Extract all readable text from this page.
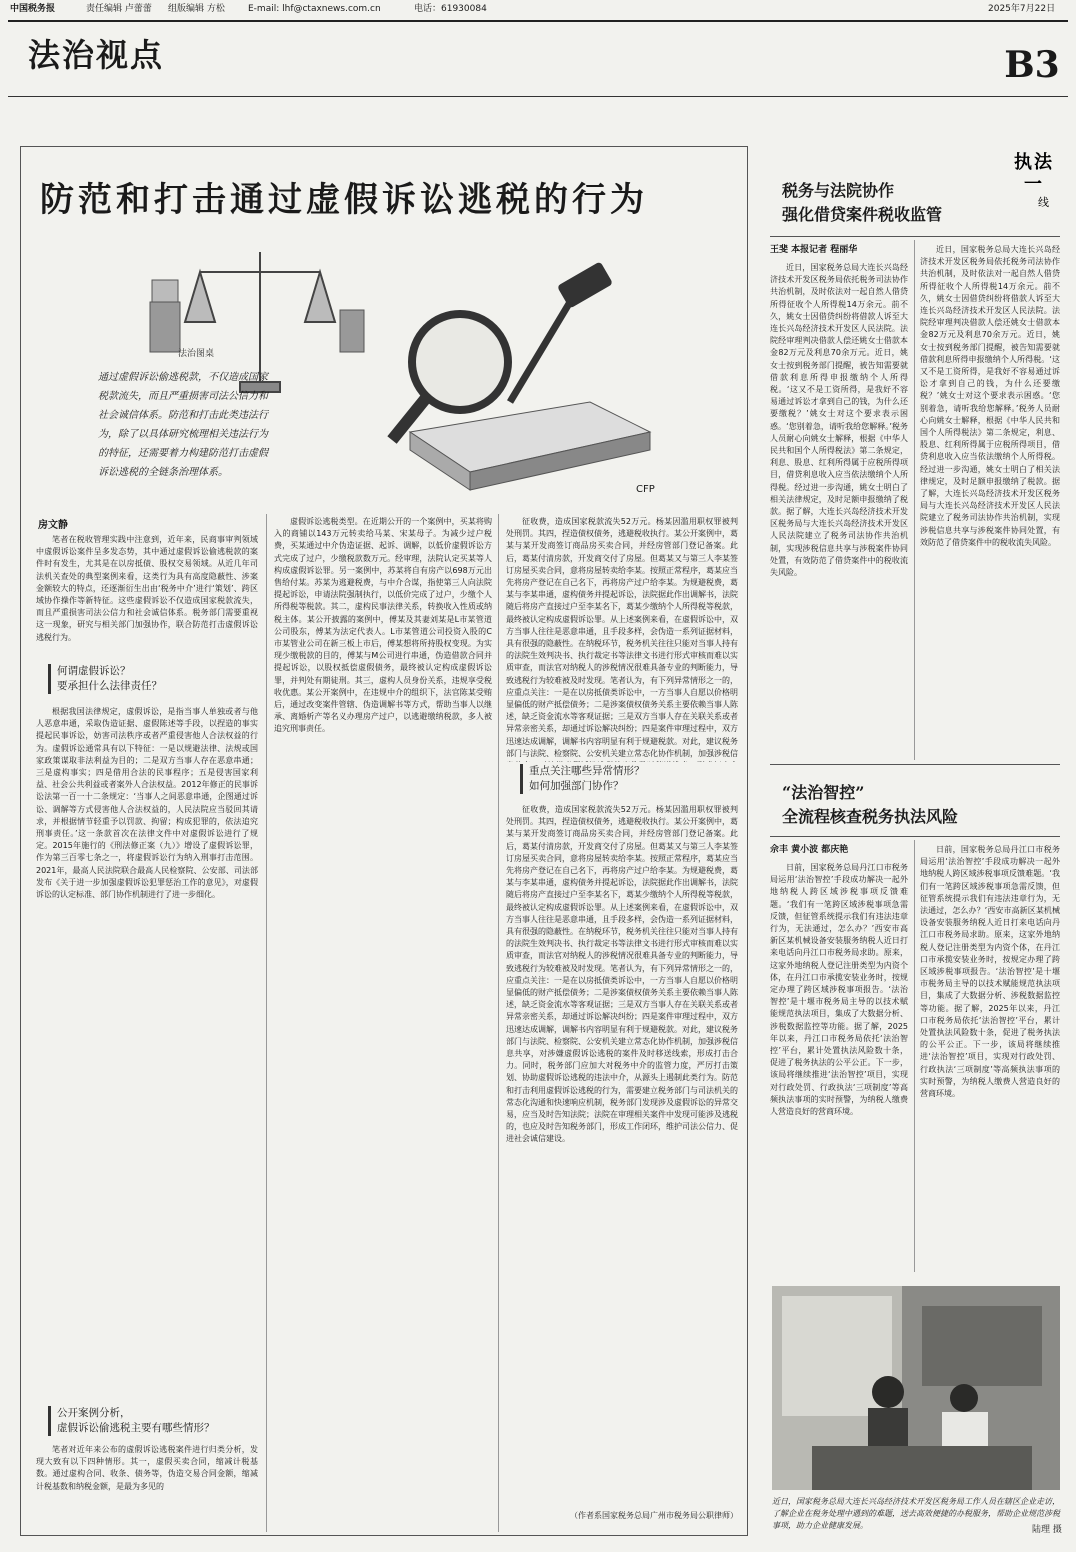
中国税务报	责任编辑 卢蕾蕾 组版编辑 方松	E-mail: lhf@ctaxnews.com.cn	电话：61930084	2025年7月22日
法治视点	B3
防范和打击通过虚假诉讼逃税的行为
法治图桌
通过虚假诉讼偷逃税款，不仅造成国家税款流失，而且严重损害司法公信力和社会诚信体系。防范和打击此类违法行为，除了以具体研究梳理相关违法行为的特征，还需要着力构建防范打击虚假诉讼逃税的全链条治理体系。
CFP
房文静

笔者在税收管理实践中注意到，近年来，民商事审判领域中虚假诉讼案件呈多发态势，其中通过虚假诉讼偷逃税款的案件时有发生，尤其是在以房抵债、股权交易领域。从近几年司法机关查处的典型案例来看，这类行为具有高度隐蔽性、涉案金额较大的特点，还逐渐衍生出由‘税务中介’进行‘策划’、跨区域协作操作等新特征。这些虚假诉讼不仅造成国家税款流失，而且严重损害司法公信力和社会诚信体系。税务部门需要重视这一现象，研究与相关部门加强协作，联合防范打击虚假诉讼逃税行为。

何谓虚假诉讼？
要承担什么法律责任？

根据我国法律规定，虚假诉讼，是指当事人单独或者与他人恶意串通，采取伪造证据、虚假陈述等手段，以捏造的事实提起民事诉讼，妨害司法秩序或者严重侵害他人合法权益的行为。虚假诉讼通常具有以下特征：一是以规避法律、法规或国家政策谋取非法利益为目的；二是双方当事人存在恶意串通；三是虚构事实；四是借用合法的民事程序；五是侵害国家利益、社会公共利益或者案外人合法权益。2012年修正的民事诉讼法第一百一十二条规定：‘当事人之间恶意串通，企图通过诉讼、调解等方式侵害他人合法权益的，人民法院应当驳回其请求，并根据情节轻重予以罚款、拘留；构成犯罪的，依法追究刑事责任。’这一条款首次在法律文件中对虚假诉讼进行了规定。2015年施行的《刑法修正案（九）》增设了虚假诉讼罪，作为第三百零七条之一，将虚假诉讼行为纳入刑事打击范围。2021年，最高人民法院联合最高人民检察院、公安部、司法部发布《关于进一步加强虚假诉讼犯罪惩治工作的意见》，对虚假诉讼的认定标准、部门协作机制进行了进一步细化。

公开案例分析，
虚假诉讼偷逃税主要有哪些情形？

笔者对近年来公布的虚假诉讼逃税案件进行归类分析，发现大致有以下四种情形。其一，虚假买卖合同，缩减计税基数。通过虚构合同、收条、债务等，伪造交易合同金额，缩减计税基数和纳税金额，是最为多见的

虚假诉讼逃税类型。在近期公开的一个案例中，买某将购入的商铺以143万元转卖给马某、宋某母子。为减少过户税费，买某通过中介伪造证据、起诉、调解，以低价虚假诉讼方式完成了过户，少缴税款数万元。经审理，法院认定买某等人构成虚假诉讼罪。另一案例中，苏某将自有房产以698万元出售给付某。苏某为逃避税费，与中介合谋，指使第三人向法院提起诉讼，申请法院强制执行，以低价完成了过户，少缴个人所得税等税款。其二，虚构民事法律关系，转换收入性质或纳税主体。某公开披露的案例中，傅某及其妻刘某是L市某管道公司股东，傅某为法定代表人。L市某管道公司投资入股的C市某管业公司在新三板上市后，傅某想将所持股权变现。为实现少缴税款的目的，傅某与M公司进行串通，伪造借款合同并提起诉讼，以股权抵偿虚假债务，最终被认定构成虚假诉讼罪，并判处有期徒刑。其三，虚构人员身份关系，违规享受税收优惠。某公开案例中，在违规中介的组织下，法官陈某受贿后，通过改变案件管辖、伪造调解书等方式，帮助当事人以继承、离婚析产等名义办理房产过户，以逃避缴纳税款，多人被追究刑事责任。

征收费，造成国家税款流失52万元。杨某因滥用职权罪被判处刑罚。其四，捏造债权债务，逃避税收执行。某公开案例中，葛某与某开发商签订商品房买卖合同，并经房管部门登记备案。此后，葛某付清房款，开发商交付了房屋。但葛某又与第三人李某签订房屋买卖合同，意将房屋转卖给李某。按照正常程序，葛某应当先将房产登记在自己名下，再将房产过户给李某。为规避税费，葛某与李某串通，虚构债务并提起诉讼，法院据此作出调解书，法院随后将房产直接过户至李某名下，葛某少缴纳个人所得税等税款，最终被认定构成虚假诉讼罪。从上述案例来看，在虚假诉讼中，双方当事人往往是恶意串通，且手段多样，会伪造一系列证据材料，具有很强的隐蔽性。在纳税环节，税务机关往往只能对当事人持有的法院生效判决书、执行裁定书等法律文书进行形式审核而难以实质审查，而法官对纳税人的涉税情况很难具备专业的判断能力，导致逃税行为较难被及时发现。笔者认为，有下列异常情形之一的，应重点关注：一是在以房抵债类诉讼中，一方当事人自愿以价格明显偏低的财产抵偿债务；二是涉案债权债务关系主要依赖当事人陈述，缺乏资金流水等客观证据；三是双方当事人存在关联关系或者异常亲密关系，却通过诉讼解决纠纷；四是案件审理过程中，双方迅速达成调解，调解书内容明显有利于规避税款。对此，建议税务部门与法院、检察院、公安机关建立常态化协作机制，加强涉税信

重点关注哪些异常情形？
如何加强部门协作？

征收费，造成国家税款流失52万元。杨某因滥用职权罪被判处刑罚。其四，捏造债权债务，逃避税收执行。某公开案例中，葛某与某开发商签订商品房买卖合同，并经房管部门登记备案。此后，葛某付清房款，开发商交付了房屋。但葛某又与第三人李某签订房屋买卖合同，意将房屋转卖给李某。按照正常程序，葛某应当先将房产登记在自己名下，再将房产过户给李某。为规避税费，葛某与李某串通，虚构债务并提起诉讼，法院据此作出调解书，法院随后将房产直接过户至李某名下，葛某少缴纳个人所得税等税款，最终被认定构成虚假诉讼罪。从上述案例来看，在虚假诉讼中，双方当事人往往是恶意串通，且手段多样，会伪造一系列证据材料，具有很强的隐蔽性。在纳税环节，税务机关往往只能对当事人持有的法院生效判决书、执行裁定书等法律文书进行形式审核而难以实质审查，而法官对纳税人的涉税情况很难具备专业的判断能力，导致逃税行为较难被及时发现。笔者认为，有下列异常情形之一的，应重点关注：一是在以房抵债类诉讼中，一方当事人自愿以价格明显偏低的财产抵偿债务；二是涉案债权债务关系主要依赖当事人陈述，缺乏资金流水等客观证据；三是双方当事人存在关联关系或者异常亲密关系，却通过诉讼解决纠纷；四是案件审理过程中，双方迅速达成调解，调解书内容明显有利于规避税款。对此，建议税务部门与法院、检察院、公安机关建立常态化协作机制，加强涉税信息共享，对涉嫌虚假诉讼逃税的案件及时移送线索，形成打击合力。同时，税务部门应加大对税务中介的监管力度，严厉打击策划、协助虚假诉讼逃税的违法中介，从源头上遏制此类行为。防范和打击利用虚假诉讼逃税的行为，需要建立税务部门与司法机关的常态化沟通和快速响应机制，税务部门发现涉及虚假诉讼的异常交易，应当及时告知法院；法院在审理相关案件中发现可能涉及逃税的，也应及时告知税务部门，形成工作闭环，维护司法公信力、促进社会诚信建设。

（作者系国家税务总局广州市税务局公职律师）
执 法
一
线
税务与法院协作
强化借贷案件税收监管
王斐 本报记者 程丽华

近日，国家税务总局大连长兴岛经济技术开发区税务局依托税务司法协作共治机制，及时依法对一起自然人借贷所得征收个人所得税14万余元。前不久，姚女士因借贷纠纷将借款人诉至大连长兴岛经济技术开发区人民法院。法院经审理判决借款人偿还姚女士借款本金82万元及利息70余万元。近日，姚女士按到税务部门提醒，被告知需要就借款利息所得申报缴纳个人所得税。‘这又不是工资所得，是我好不容易通过诉讼才拿到自己的钱，为什么还要缴税？’姚女士对这个要求表示困惑。‘您别着急，请听我给您解释。’税务人员耐心向姚女士解释，根据《中华人民共和国个人所得税法》第二条规定，利息、股息、红利所得属于应税所得项目，借贷利息收入应当依法缴纳个人所得税。经过进一步沟通，姚女士明白了相关法律规定，及时足额申报缴纳了税款。据了解，大连长兴岛经济技术开发区税务局与大连长兴岛经济技术开发区人民法院建立了税务司法协作共治机制，实现涉税信息共享与涉税案件协同处置，有效防范了借贷案件中的税收流失风险。

近日，国家税务总局大连长兴岛经济技术开发区税务局依托税务司法协作共治机制，及时依法对一起自然人借贷所得征收个人所得税14万余元。前不久，姚女士因借贷纠纷将借款人诉至大连长兴岛经济技术开发区人民法院。法院经审理判决借款人偿还姚女士借款本金82万元及利息70余万元。近日，姚女士按到税务部门提醒，被告知需要就借款利息所得申报缴纳个人所得税。‘这又不是工资所得，是我好不容易通过诉讼才拿到自己的钱，为什么还要缴税？’姚女士对这个要求表示困惑。‘您别着急，请听我给您解释。’税务人员耐心向姚女士解释，根据《中华人民共和国个人所得税法》第二条规定，利息、股息、红利所得属于应税所得项目，借贷利息收入应当依法缴纳个人所得税。经过进一步沟通，姚女士明白了相关法律规定，及时足额申报缴纳了税款。据了解，大连长兴岛经济技术开发区税务局与大连长兴岛经济技术开发区人民法院建立了税务司法协作共治机制，实现涉税信息共享与涉税案件协同处置，有效防范了借贷案件中的税收流失风险。

“法治智控”
全流程核查税务执法风险
佘丰 黄小波 都庆艳

日前，国家税务总局丹江口市税务局运用‘法治智控’手段成功解决一起外地纳税人跨区域涉税事项反馈难题。‘我们有一笔跨区域涉税事项急需反馈，但征管系统提示我们有违法违章行为，无法通过，怎么办？’西安市高新区某机械设备安装服务纳税人近日打来电话向丹江口市税务局求助。原来，这家外地纳税人登记注册类型为内资个体，在丹江口市承揽安装业务时，按规定办理了跨区域涉税事项报告。‘法治智控’是十堰市税务局主导的以技术赋能规范执法项目，集成了大数据分析、涉税数据监控等功能。据了解，2025年以来，丹江口市税务局依托‘法治智控’平台，累计处置执法风险数十条，促进了税务执法的公平公正。下一步，该局将继续推进‘法治智控’项目，实现对行政处罚、行政执法‘三项制度’等高频执法事项的实时预警，为纳税人缴费人营造良好的营商环境。

日前，国家税务总局丹江口市税务局运用‘法治智控’手段成功解决一起外地纳税人跨区域涉税事项反馈难题。‘我们有一笔跨区域涉税事项急需反馈，但征管系统提示我们有违法违章行为，无法通过，怎么办？’西安市高新区某机械设备安装服务纳税人近日打来电话向丹江口市税务局求助。原来，这家外地纳税人登记注册类型为内资个体，在丹江口市承揽安装业务时，按规定办理了跨区域涉税事项报告。‘法治智控’是十堰市税务局主导的以技术赋能规范执法项目，集成了大数据分析、涉税数据监控等功能。据了解，2025年以来，丹江口市税务局依托‘法治智控’平台，累计处置执法风险数十条，促进了税务执法的公平公正。下一步，该局将继续推进‘法治智控’项目，实现对行政处罚、行政执法‘三项制度’等高频执法事项的实时预警，为纳税人缴费人营造良好的营商环境。

近日，国家税务总局大连长兴岛经济技术开发区税务局工作人员在辖区企业走访，了解企业在税务处理中遇到的难题，送去高效便捷的办税服务，帮助企业规范涉税事项，助力企业健康发展。	陆理 摄
